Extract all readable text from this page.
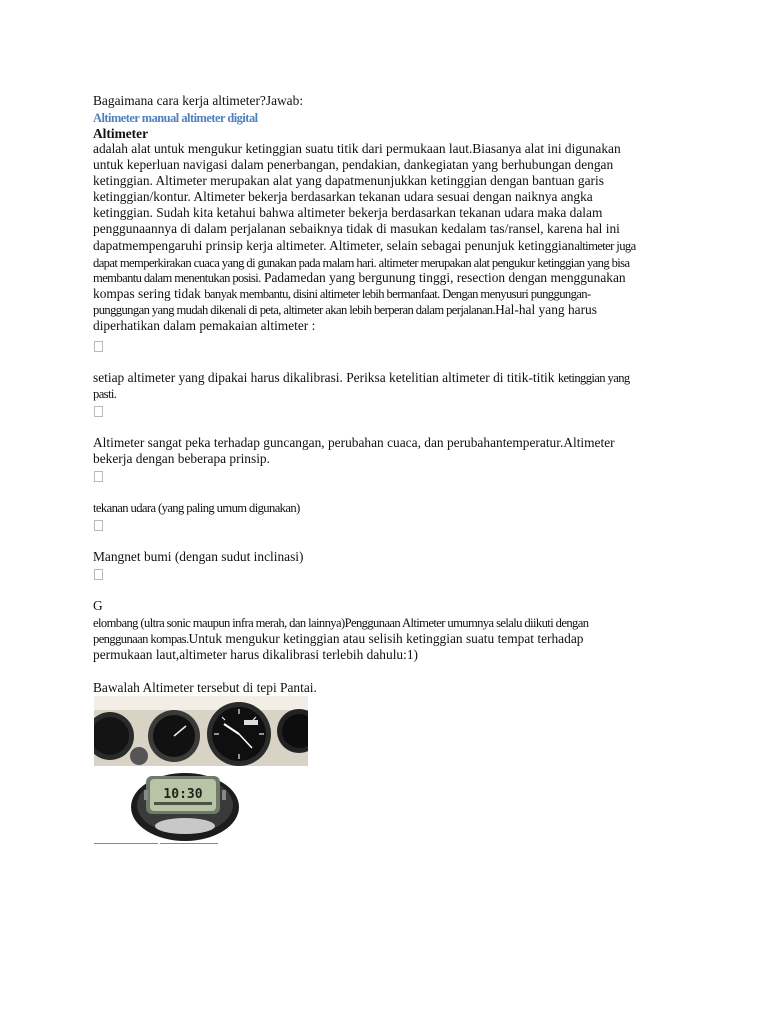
Bagaimana cara kerja altimeter?Jawab:
Altimeter manual altimeter digital
Altimeter
adalah alat untuk mengukur ketinggian suatu titik dari permukaan laut.Biasanya alat ini digunakan
untuk keperluan navigasi dalam penerbangan, pendakian, dankegiatan yang berhubungan dengan
ketinggian. Altimeter merupakan alat yang dapatmenunjukkan ketinggian dengan bantuan garis
ketinggian/kontur. Altimeter bekerja berdasarkan tekanan udara sesuai dengan naiknya angka
ketinggian. Sudah kita ketahui bahwa altimeter bekerja berdasarkan tekanan udara maka dalam
penggunaannya di dalam perjalanan sebaiknya tidak di masukan kedalam tas/ransel, karena hal ini
dapatmempengaruhi prinsip kerja altimeter. Altimeter, selain sebagai penunjuk ketinggianaltimeter juga
dapat memperkirakan cuaca yang di gunakan pada malam hari. altimeter merupakan alat pengukur ketinggian yang bisa
membantu dalam menentukan posisi. Padamedan yang bergunung tinggi, resection dengan menggunakan
kompas sering tidak banyak membantu, disini altimeter lebih bermanfaat. Dengan menyusuri punggungan-
punggungan yang mudah dikenali di peta, altimeter akan lebih berperan dalam perjalanan.Hal-hal yang harus
diperhatikan dalam pemakaian altimeter :
setiap altimeter yang dipakai harus dikalibrasi. Periksa ketelitian altimeter di titik-titik ketinggian yang
pasti.
Altimeter sangat peka terhadap guncangan, perubahan cuaca, dan perubahantemperatur.Altimeter
bekerja dengan beberapa prinsip.
tekanan udara (yang paling umum digunakan)
Mangnet bumi (dengan sudut inclinasi)
G
elombang (ultra sonic maupun infra merah, dan lainnya)Penggunaan Altimeter umumnya selalu diikuti dengan
penggunaan kompas.Untuk mengukur ketinggian atau selisih ketinggian suatu tempat terhadap
permukaan laut,altimeter harus dikalibrasi terlebih dahulu:1)
Bawalah Altimeter tersebut di tepi Pantai.
10:30
